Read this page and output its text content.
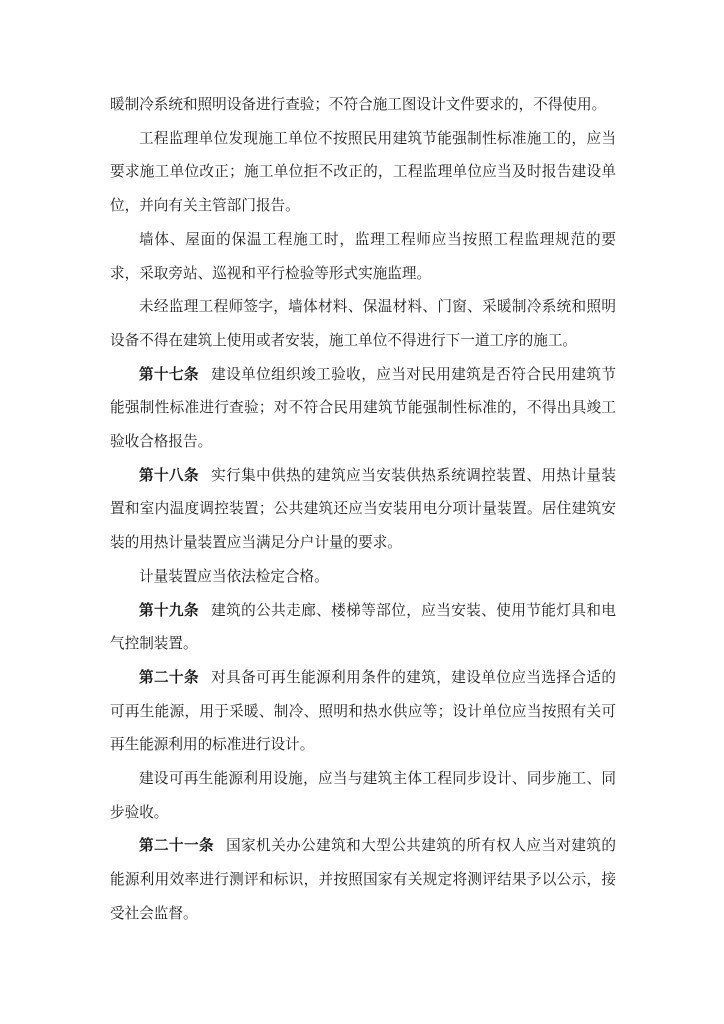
暖制冷系统和照明设备进行查验；不符合施工图设计文件要求的，不得使用。

工程监理单位发现施工单位不按照民用建筑节能强制性标准施工的，应当要求施工单位改正；施工单位拒不改正的，工程监理单位应当及时报告建设单位，并向有关主管部门报告。

墙体、屋面的保温工程施工时，监理工程师应当按照工程监理规范的要求，采取旁站、巡视和平行检验等形式实施监理。

未经监理工程师签字，墙体材料、保温材料、门窗、采暖制冷系统和照明设备不得在建筑上使用或者安装，施工单位不得进行下一道工序的施工。

第十七条 建设单位组织竣工验收，应当对民用建筑是否符合民用建筑节能强制性标准进行查验；对不符合民用建筑节能强制性标准的，不得出具竣工验收合格报告。

第十八条 实行集中供热的建筑应当安装供热系统调控装置、用热计量装置和室内温度调控装置；公共建筑还应当安装用电分项计量装置。居住建筑安装的用热计量装置应当满足分户计量的要求。

计量装置应当依法检定合格。

第十九条 建筑的公共走廊、楼梯等部位，应当安装、使用节能灯具和电气控制装置。

第二十条 对具备可再生能源利用条件的建筑，建设单位应当选择合适的可再生能源，用于采暖、制冷、照明和热水供应等；设计单位应当按照有关可再生能源利用的标准进行设计。

建设可再生能源利用设施，应当与建筑主体工程同步设计、同步施工、同步验收。

第二十一条 国家机关办公建筑和大型公共建筑的所有权人应当对建筑的能源利用效率进行测评和标识，并按照国家有关规定将测评结果予以公示，接受社会监督。
